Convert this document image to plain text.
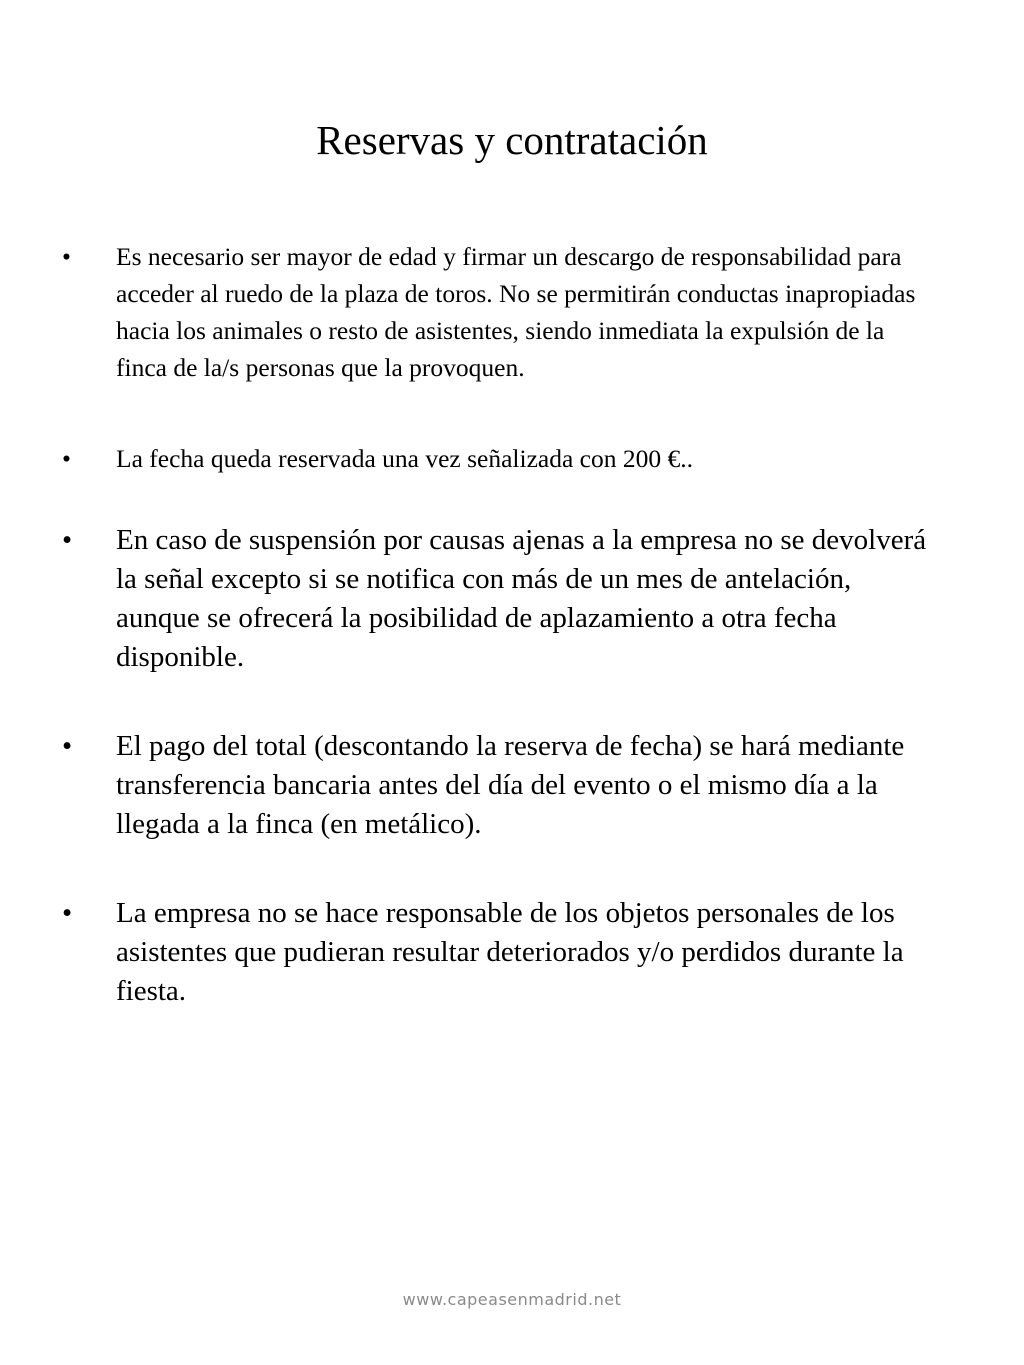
Reservas y contratación
• Es necesario ser mayor de edad y firmar un descargo de responsabilidad para acceder al ruedo de la plaza de toros. No se permitirán conductas inapropiadas hacia los animales o resto de asistentes, siendo inmediata la expulsión de la finca de la/s personas que la provoquen.
• La fecha queda reservada una vez señalizada con 200 €..
• En caso de suspensión por causas ajenas a la empresa no se devolverá la señal excepto si se notifica con más de un mes de antelación, aunque se ofrecerá la posibilidad de aplazamiento a otra fecha disponible.
• El pago del total (descontando la reserva de fecha) se hará mediante transferencia bancaria antes del día del evento o el mismo día a la llegada a la finca (en metálico).
• La empresa no se hace responsable de los objetos personales de los asistentes que pudieran resultar deteriorados y/o perdidos durante la fiesta.
www.capeasenmadrid.net
